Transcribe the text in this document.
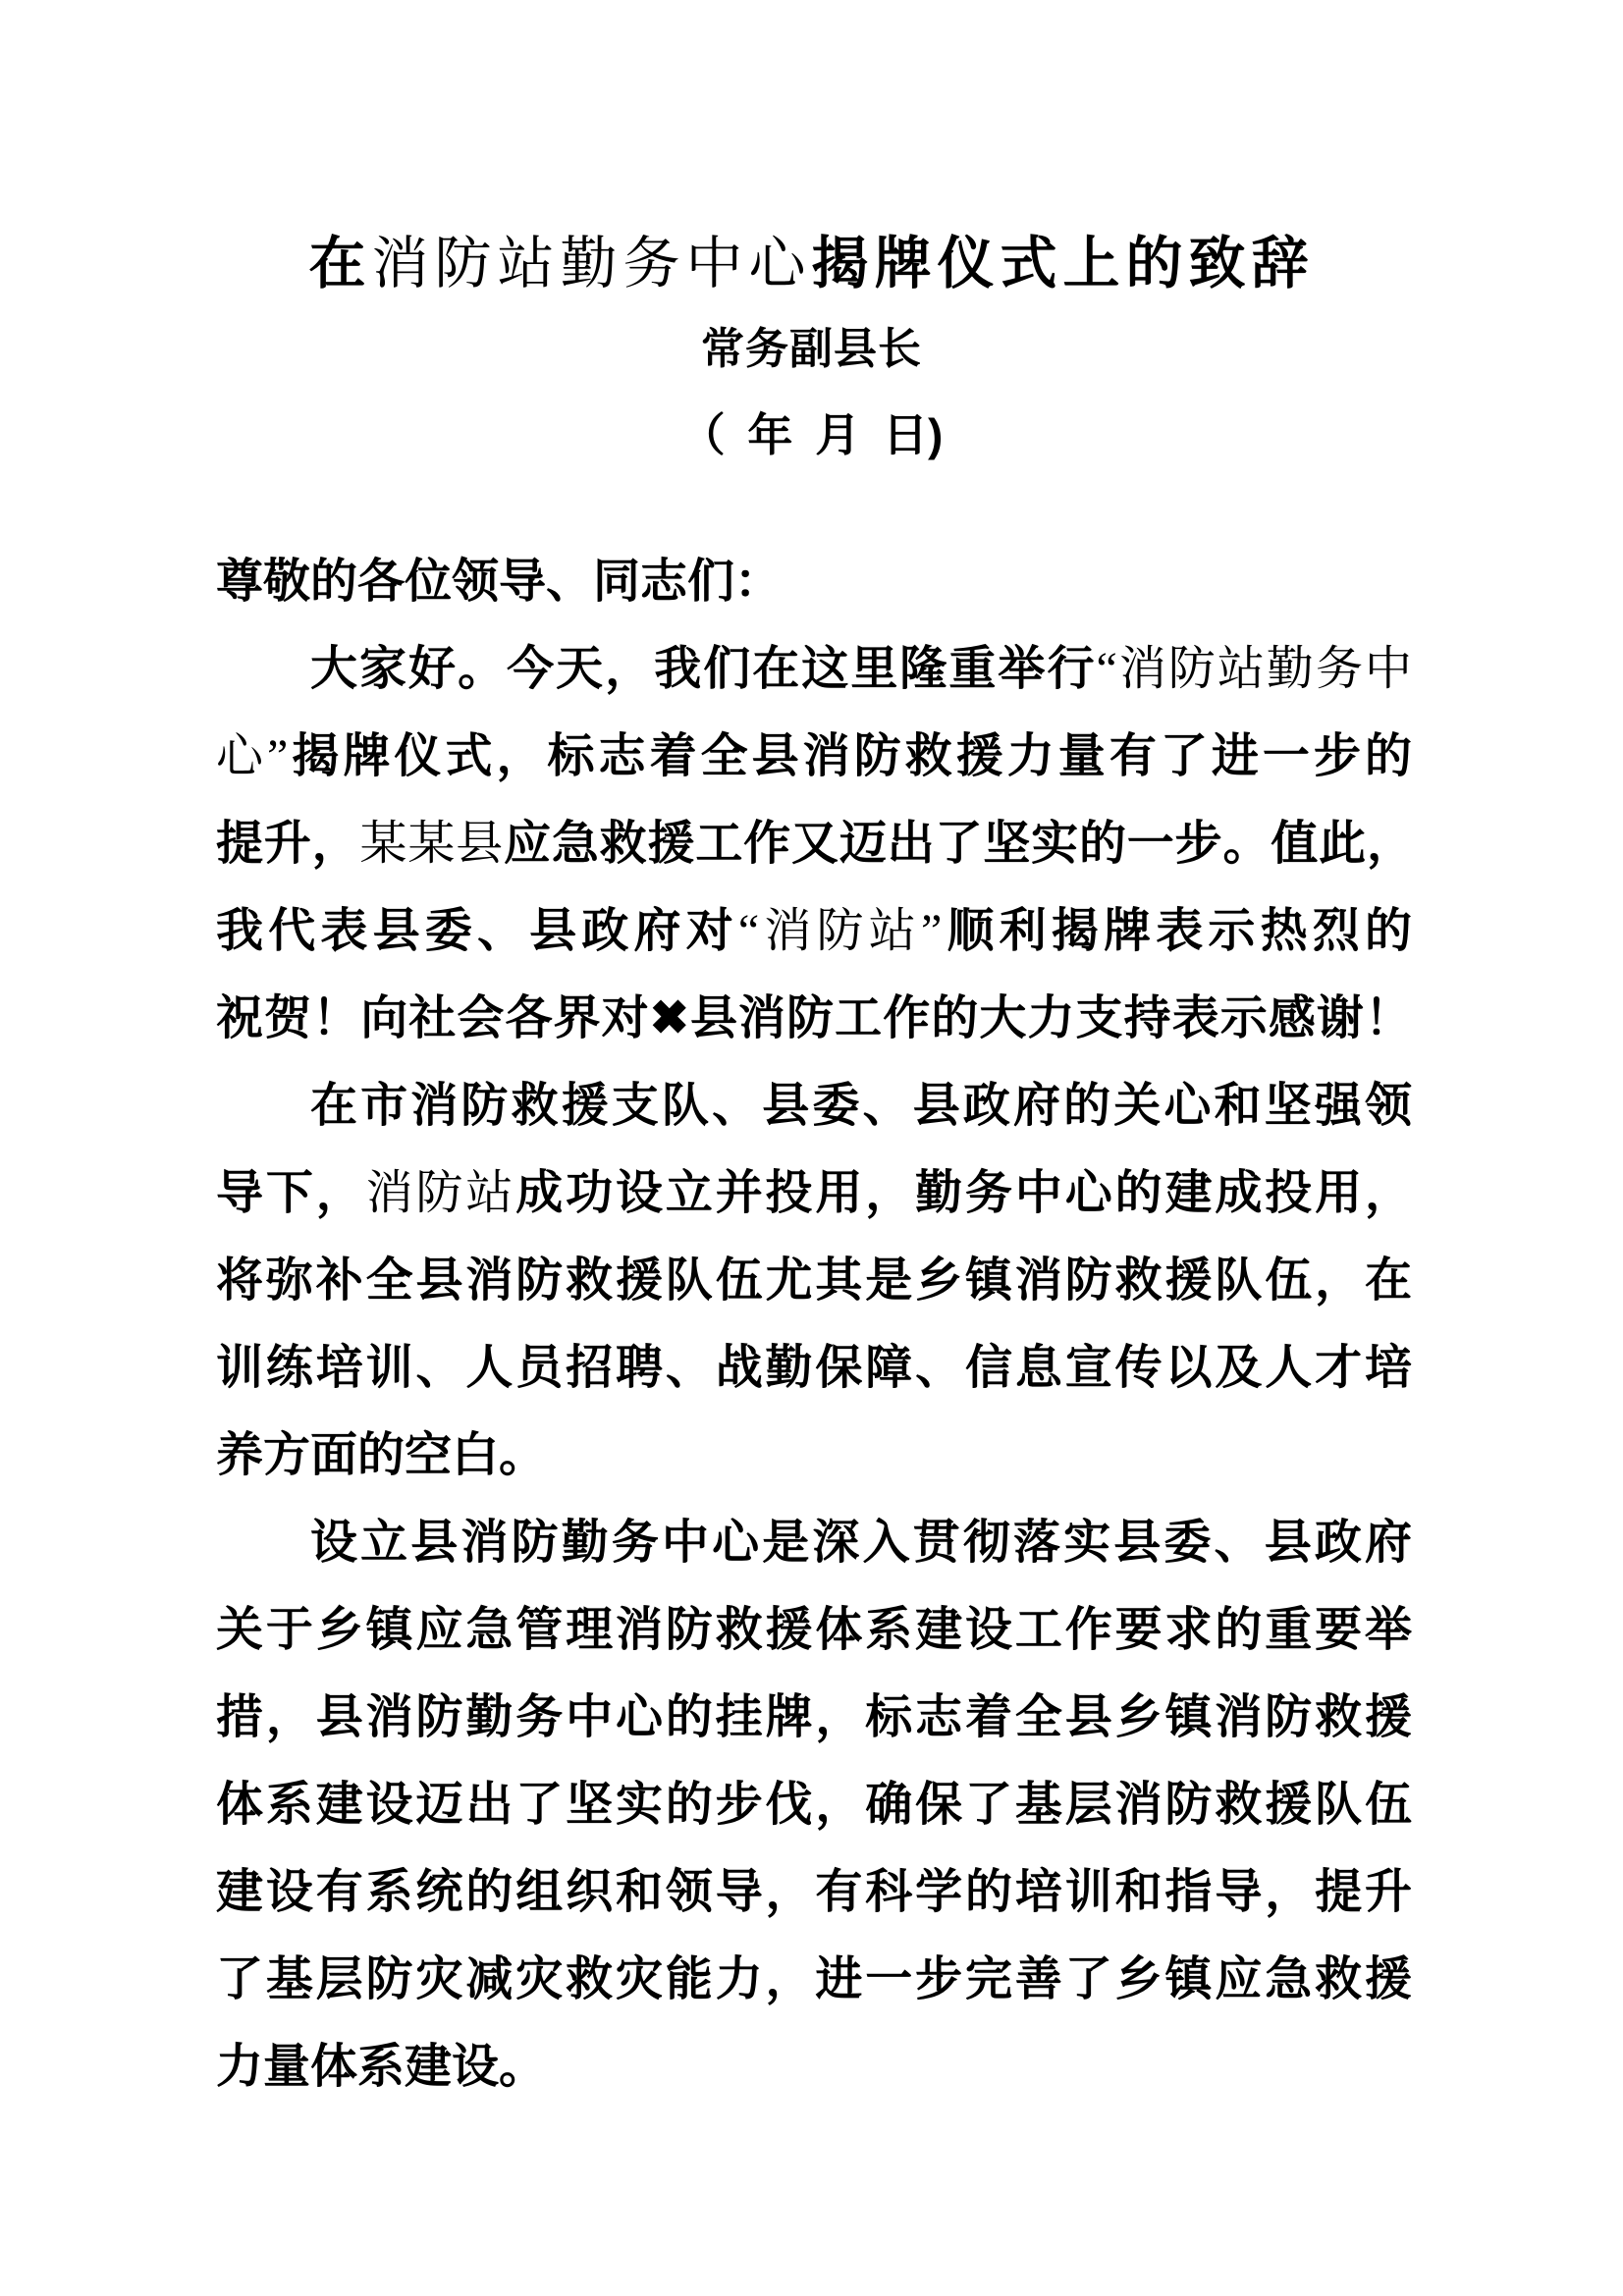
在消防站勤务中心揭牌仪式上的致辞
常务副县长
（ 年 月 日)
尊敬的各位领导、同志们：
大家好。今天，我们在这里隆重举行“消防站勤务中
心”揭牌仪式，标志着全县消防救援力量有了进一步的
提升，某某县应急救援工作又迈出了坚实的一步。值此，
我代表县委、县政府对“消防站”顺利揭牌表示热烈的
祝贺！向社会各界对✖县消防工作的大力支持表示感谢！
在市消防救援支队、县委、县政府的关心和坚强领
导下，消防站成功设立并投用，勤务中心的建成投用，
将弥补全县消防救援队伍尤其是乡镇消防救援队伍，在
训练培训、人员招聘、战勤保障、信息宣传以及人才培
养方面的空白。
设立县消防勤务中心是深入贯彻落实县委、县政府
关于乡镇应急管理消防救援体系建设工作要求的重要举
措，县消防勤务中心的挂牌，标志着全县乡镇消防救援
体系建设迈出了坚实的步伐，确保了基层消防救援队伍
建设有系统的组织和领导，有科学的培训和指导，提升
了基层防灾减灾救灾能力，进一步完善了乡镇应急救援
力量体系建设。
